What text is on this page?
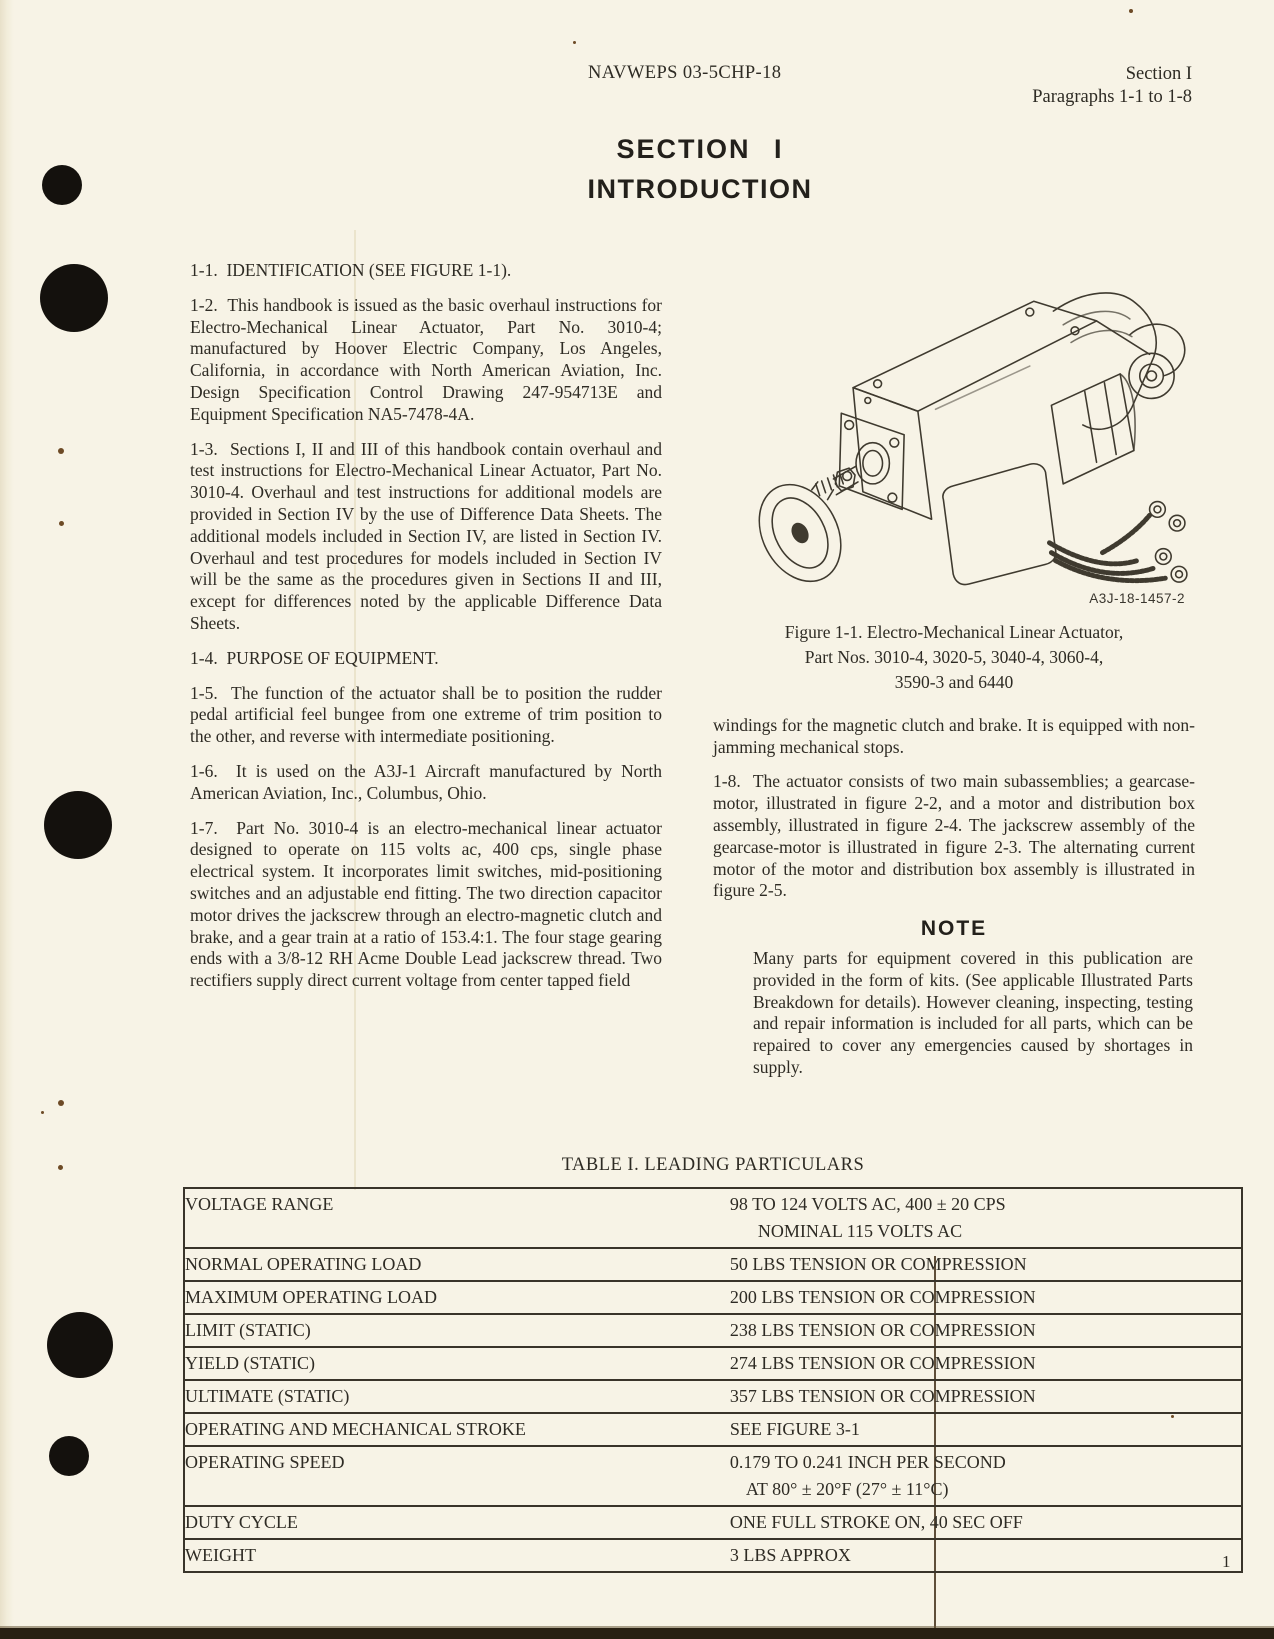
NAVWEPS 03-5CHP-18	Section I
Paragraphs 1-1 to 1-8
SECTION I
INTRODUCTION

1-1.  IDENTIFICATION (SEE FIGURE 1-1).

1-2.  This handbook is issued as the basic overhaul instructions for Electro-Mechanical Linear Actuator, Part No. 3010-4; manufactured by Hoover Electric Company, Los Angeles, California, in accordance with North American Aviation, Inc. Design Specification Control Drawing 247-954713E and Equipment Specification NA5-7478-4A.

1-3.  Sections I, II and III of this handbook contain overhaul and test instructions for Electro-Mechanical Linear Actuator, Part No. 3010-4. Overhaul and test instructions for additional models are provided in Section IV by the use of Difference Data Sheets. The additional models included in Section IV, are listed in Section IV. Overhaul and test procedures for models included in Section IV will be the same as the procedures given in Sections II and III, except for differences noted by the applicable Difference Data Sheets.

1-4.  PURPOSE OF EQUIPMENT.

1-5.  The function of the actuator shall be to position the rudder pedal artificial feel bungee from one extreme of trim position to the other, and reverse with intermediate positioning.

1-6.  It is used on the A3J-1 Aircraft manufactured by North American Aviation, Inc., Columbus, Ohio.

1-7.  Part No. 3010-4 is an electro-mechanical linear actuator designed to operate on 115 volts ac, 400 cps, single phase electrical system. It incorporates limit switches, mid-positioning switches and an adjustable end fitting. The two direction capacitor motor drives the jackscrew through an electro-magnetic clutch and brake, and a gear train at a ratio of 153.4:1. The four stage gearing ends with a 3/8-12 RH Acme Double Lead jackscrew thread. Two rectifiers supply direct current voltage from center tapped field

A3J-18-1457-2
Figure 1-1. Electro-Mechanical Linear Actuator,
Part Nos. 3010-4, 3020-5, 3040-4, 3060-4,
3590-3 and 6440

windings for the magnetic clutch and brake. It is equipped with non-jamming mechanical stops.

1-8.  The actuator consists of two main subassemblies; a gearcase-motor, illustrated in figure 2-2, and a motor and distribution box assembly, illustrated in figure 2-4. The jackscrew assembly of the gearcase-motor is illustrated in figure 2-3. The alternating current motor of the motor and distribution box assembly is illustrated in figure 2-5.

NOTE
Many parts for equipment covered in this publication are provided in the form of kits. (See applicable Illustrated Parts Breakdown for details). However cleaning, inspecting, testing and repair information is included for all parts, which can be repaired to cover any emergencies caused by shortages in supply.
TABLE I. LEADING PARTICULARS
VOLTAGE RANGE	98 TO 124 VOLTS AC, 400 ± 20 CPS
NOMINAL 115 VOLTS AC

NORMAL OPERATING LOAD	50 LBS TENSION OR COMPRESSION

MAXIMUM OPERATING LOAD	200 LBS TENSION OR COMPRESSION

LIMIT (STATIC)	238 LBS TENSION OR COMPRESSION

YIELD (STATIC)	274 LBS TENSION OR COMPRESSION

ULTIMATE (STATIC)	357 LBS TENSION OR COMPRESSION

OPERATING AND MECHANICAL STROKE	SEE FIGURE 3-1

OPERATING SPEED	0.179 TO 0.241 INCH PER SECOND
AT 80° ± 20°F (27° ± 11°C)

DUTY CYCLE	ONE FULL STROKE ON, 40 SEC OFF

WEIGHT	3 LBS APPROX	1
